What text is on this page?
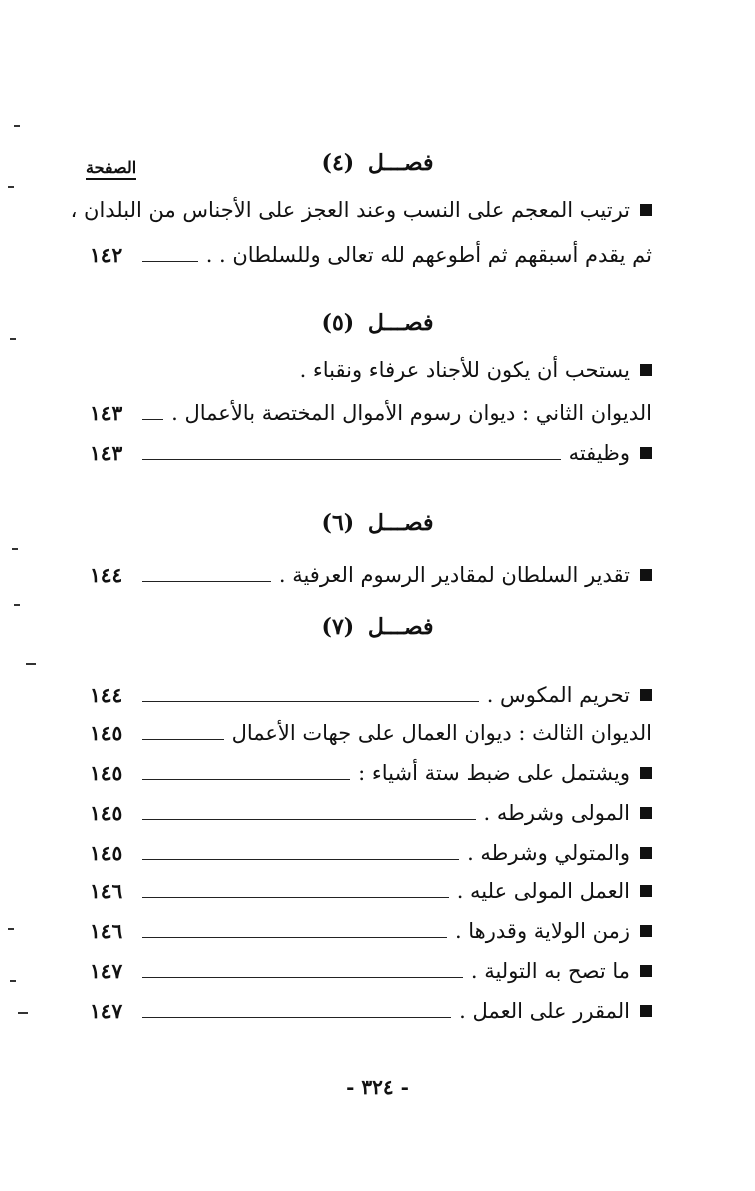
الصفحة	فصـــل (٤)
ترتيب المعجم على النسب وعند العجز على الأجناس من البلدان ،
ثم يقدم أسبقهم ثم أطوعهم لله تعالى وللسلطان . .
١٤٢
فصـــل (٥)
يستحب أن يكون للأجناد عرفاء ونقباء .
الديوان الثاني : ديوان رسوم الأموال المختصة بالأعمال .
١٤٣
وظيفته
١٤٣
فصـــل (٦)
تقدير السلطان لمقادير الرسوم العرفية .
١٤٤
فصـــل (٧)
تحريم المكوس .
١٤٤
الديوان الثالث : ديوان العمال على جهات الأعمال
١٤٥
ويشتمل على ضبط ستة أشياء :
١٤٥
المولى وشرطه .
١٤٥
والمتولي وشرطه .
١٤٥
العمل المولى عليه .
١٤٦
زمن الولاية وقدرها .
١٤٦
ما تصح به التولية .
١٤٧
المقرر على العمل .
١٤٧
- ٣٢٤ -
